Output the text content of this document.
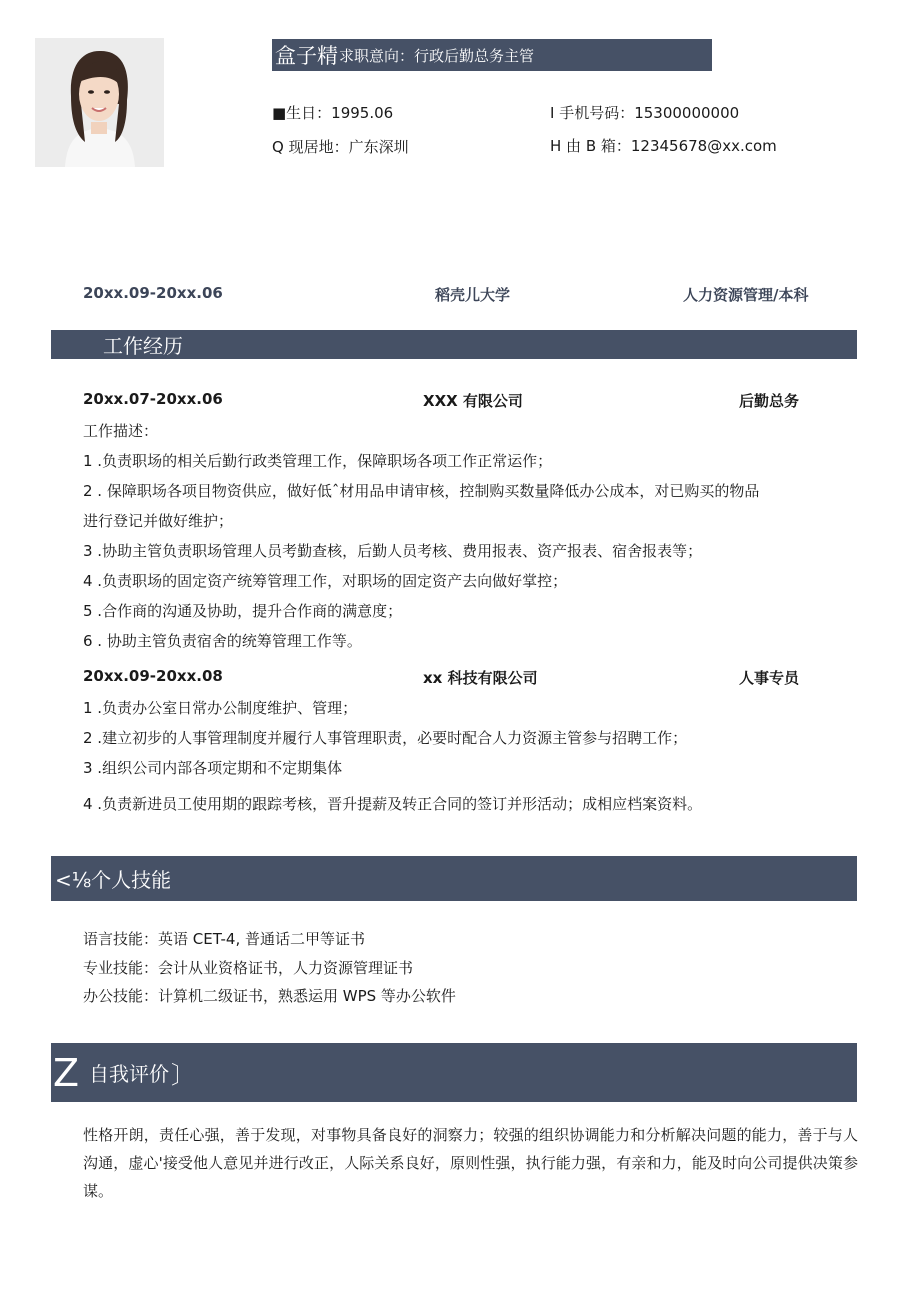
盒子精 求职意向：行政后勤总务主管
■生日：1995.06
Q 现居地：广东深圳
I 手机号码：15300000000
H 由 B 箱：12345678@xx.com
20xx.09-20xx.06	稻壳儿大学	人力资源管理/本科
工作经历
20xx.07-20xx.06	XXX 有限公司	后勤总务
工作描述：
1 .负责职场的相关后勤行政类管理工作，保障职场各项工作正常运作；
2 . 保障职场各项目物资供应，做好低ˆ材用品申请审核，控制购买数量降低办公成本，对已购买的物品
进行登记并做好维护；
3 .协助主管负责职场管理人员考勤查核，后勤人员考核、费用报表、资产报表、宿舍报表等；
4 .负责职场的固定资产统筹管理工作，对职场的固定资产去向做好掌控；
5 .合作商的沟通及协助，提升合作商的满意度；
6 . 协助主管负责宿舍的统筹管理工作等。
20xx.09-20xx.08	xx 科技有限公司	人事专员
1 .负责办公室日常办公制度维护、管理；
2 .建立初步的人事管理制度并履行人事管理职责，必要时配合人力资源主管参与招聘工作；
3 .组织公司内部各项定期和不定期集体
4 .负责新进员工使用期的跟踪考核，晋升提薪及转正合同的签订并形活动；成相应档案资料。
<⅛个人技能
语言技能：英语 CET-4, 普通话二甲等证书
专业技能：会计从业资格证书，人力资源管理证书
办公技能：计算机二级证书，熟悉运用 WPS 等办公软件
Z 自我评价 〕
性格开朗，责任心强，善于发现，对事物具备良好的洞察力；较强的组织协调能力和分析解决问题的能力，善于与人沟通，虚心'接受他人意见并进行改正，人际关系良好，原则性强，执行能力强，有亲和力，能及时向公司提供决策参谋。
